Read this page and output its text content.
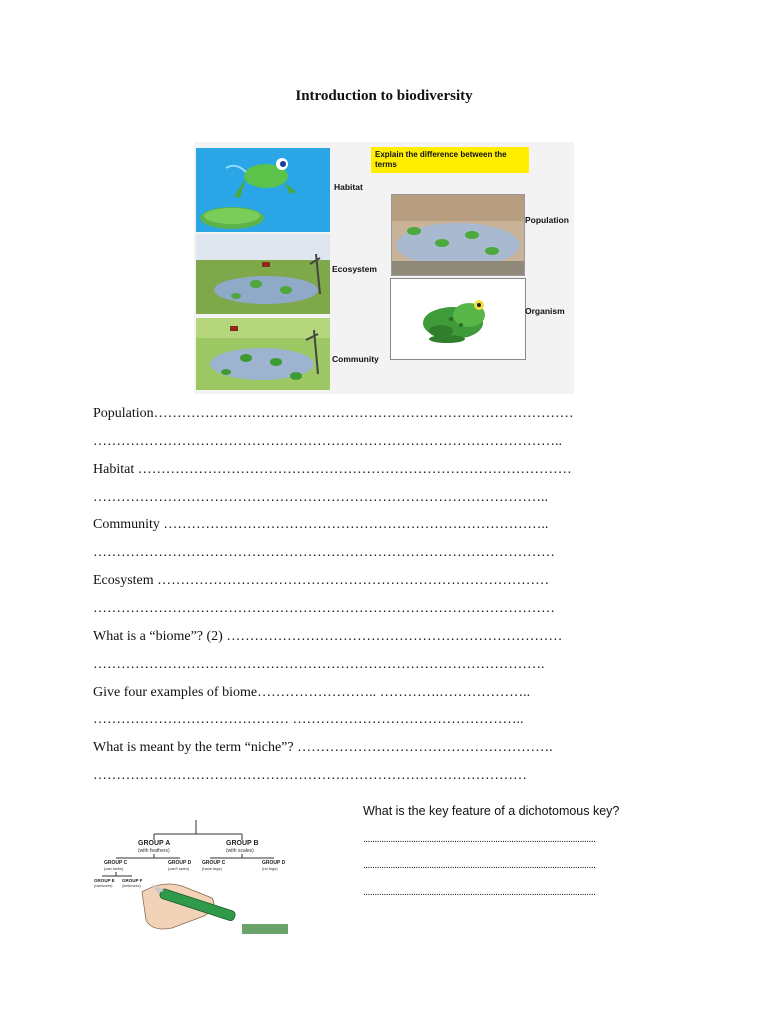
Introduction to biodiversity
Habitat
Ecosystem
Community
Explain the difference between the terms
Population
Organism
Population………………………………………………………………………………
………………………………………………………………………………………..
Habitat …………………………………………………………………………………
……………………………………………………………………………………..
Community ………………………………………………………………………..
………………………………………………………………………………………
Ecosystem …………………………………………………………………………
………………………………………………………………………………………
What is a “biome”? (2) ………………………………………………………………
…………………………………………………………………………………….
Give four examples of biome…………………….. ………….………………..
…………………………………… …………………………………………..
What is meant by the term “niche”? ……………………………………………….
…………………………………………………………………………………
GROUP A
(with feathers)
GROUP B
(with scales)
GROUP C
(can swim)
GROUP D
(can't swim)
GROUP C
(have legs)
GROUP D
(no legs)
GROUP E
(carnivores)
GROUP F
(herbivores)
What is the key feature of a dichotomous key?
......................................................................................................
......................................................................................................
......................................................................................................
